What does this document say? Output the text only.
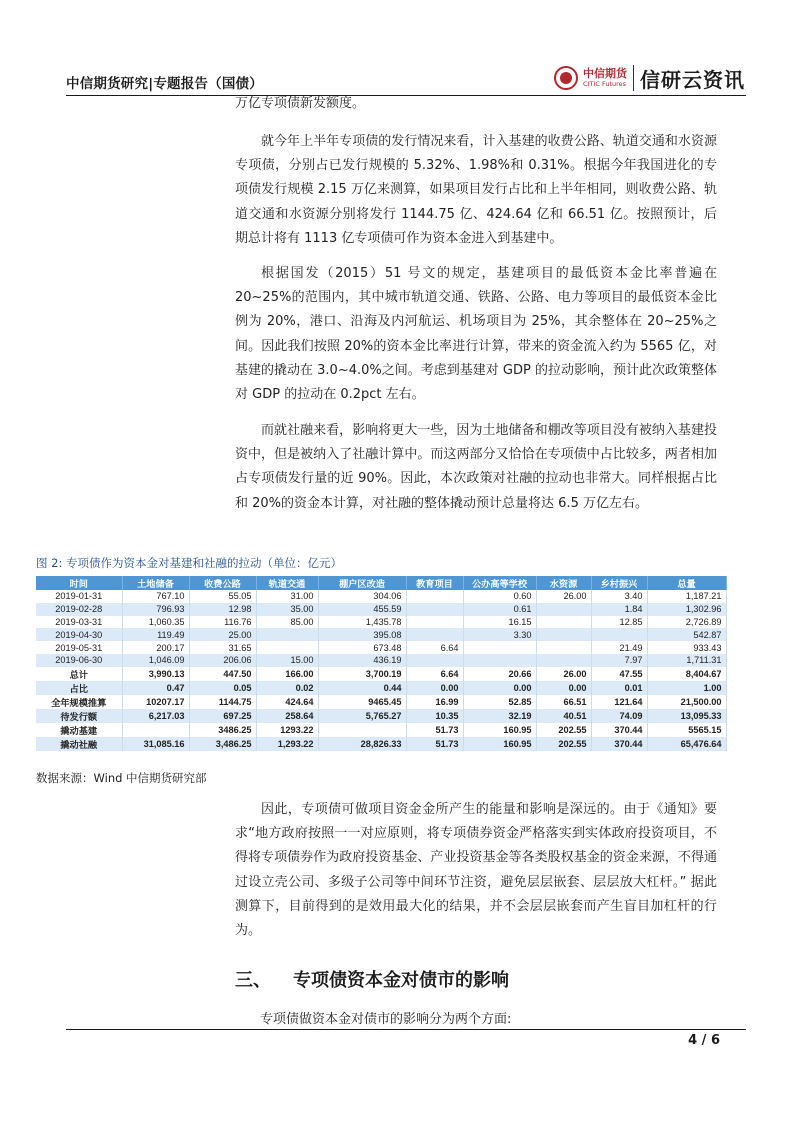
中信期货研究|专题报告（国债）
中信期货
CITIC Futures 信研云资讯

万亿专项债新发额度。

就今年上半年专项债的发行情况来看，计入基建的收费公路、轨道交通和水资源专项债，分别占已发行规模的 5.32%、1.98%和 0.31%。根据今年我国进化的专项债发行规模 2.15 万亿来测算，如果项目发行占比和上半年相同，则收费公路、轨道交通和水资源分别将发行 1144.75 亿、424.64 亿和 66.51 亿。按照预计，后期总计将有 1113 亿专项债可作为资本金进入到基建中。

根据国发（2015）51 号文的规定，基建项目的最低资本金比率普遍在 20~25%的范围内，其中城市轨道交通、铁路、公路、电力等项目的最低资本金比例为 20%，港口、沿海及内河航运、机场项目为 25%，其余整体在 20~25%之间。因此我们按照 20%的资本金比率进行计算，带来的资金流入约为 5565 亿，对基建的撬动在 3.0~4.0%之间。考虑到基建对 GDP 的拉动影响，预计此次政策整体对 GDP 的拉动在 0.2pct 左右。

而就社融来看，影响将更大一些，因为土地储备和棚改等项目没有被纳入基建投资中，但是被纳入了社融计算中。而这两部分又恰恰在专项债中占比较多，两者相加占专项债发行量的近 90%。因此，本次政策对社融的拉动也非常大。同样根据占比和 20%的资金本计算，对社融的整体撬动预计总量将达 6.5 万亿左右。

图 2: 专项债作为资本金对基建和社融的拉动（单位：亿元）
时间	土地储备	收费公路	轨道交通	棚户区改造	教育项目	公办高等学校	水资源	乡村振兴	总量
2019-01-31	767.10	55.05	31.00	304.06		0.60	26.00	3.40	1,187.21
2019-02-28	796.93	12.98	35.00	455.59		0.61		1.84	1,302.96
2019-03-31	1,060.35	116.76	85.00	1,435.78		16.15		12.85	2,726.89
2019-04-30	119.49	25.00		395.08		3.30			542.87
2019-05-31	200.17	31.65		673.48	6.64			21.49	933.43
2019-06-30	1,046.09	206.06	15.00	436.19				7.97	1,711.31
总计	3,990.13	447.50	166.00	3,700.19	6.64	20.66	26.00	47.55	8,404.67
占比	0.47	0.05	0.02	0.44	0.00	0.00	0.00	0.01	1.00
全年规模推算	10207.17	1144.75	424.64	9465.45	16.99	52.85	66.51	121.64	21,500.00
待发行额	6,217.03	697.25	258.64	5,765.27	10.35	32.19	40.51	74.09	13,095.33
撬动基建		3486.25	1293.22		51.73	160.95	202.55	370.44	5565.15
撬动社融	31,085.16	3,486.25	1,293.22	28,826.33	51.73	160.95	202.55	370.44	65,476.64
数据来源：Wind 中信期货研究部

因此，专项债可做项目资金金所产生的能量和影响是深远的。由于《通知》要求“地方政府按照一一对应原则，将专项债券资金严格落实到实体政府投资项目，不得将专项债券作为政府投资基金、产业投资基金等各类股权基金的资金来源，不得通过设立壳公司、多级子公司等中间环节注资，避免层层嵌套、层层放大杠杆。” 据此测算下，目前得到的是效用最大化的结果，并不会层层嵌套而产生盲目加杠杆的行为。

三、 专项债资本金对债市的影响
专项债做资本金对债市的影响分为两个方面:
4 / 6
